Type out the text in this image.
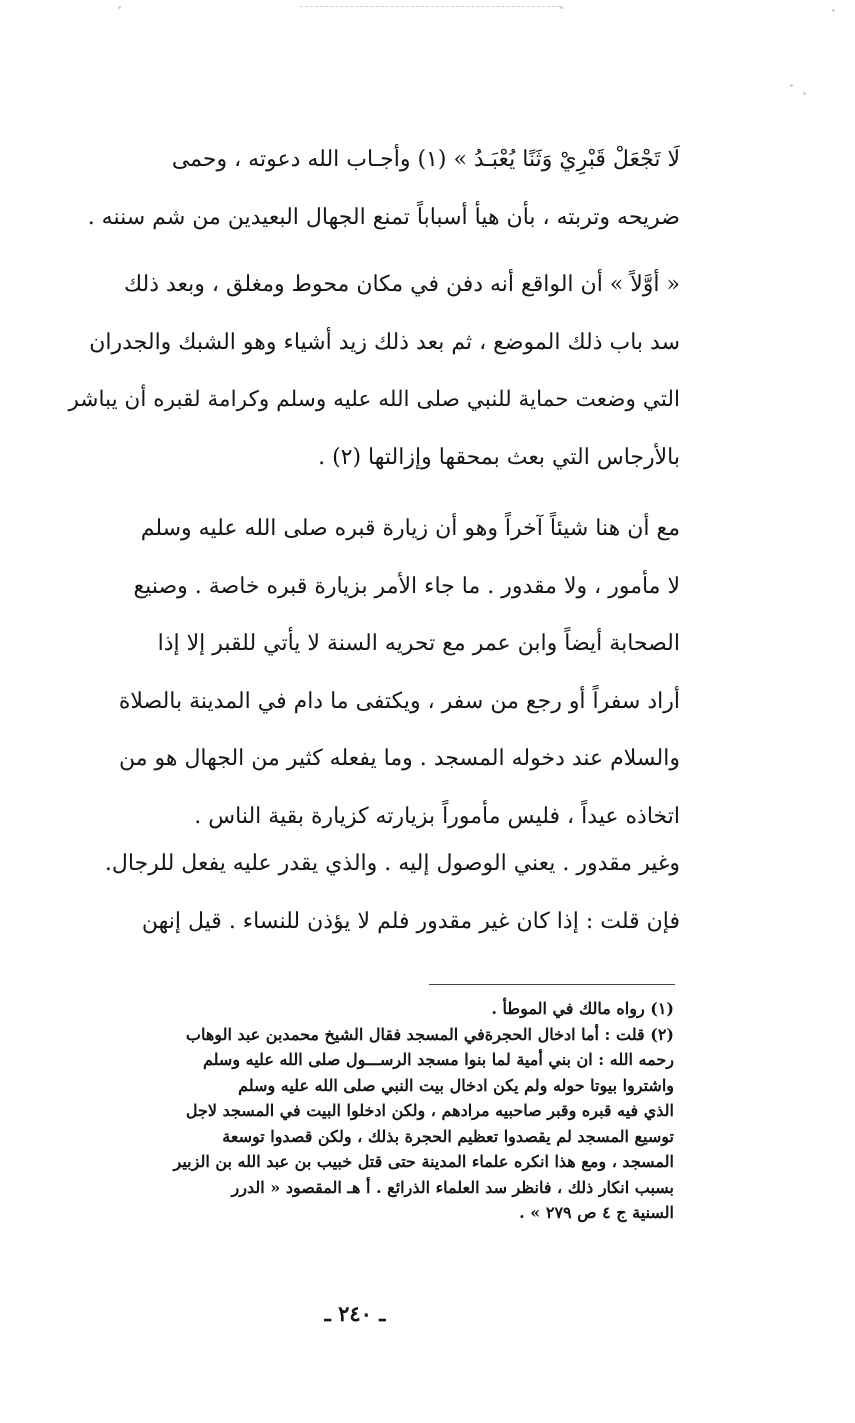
لَا تَجْعَلْ قَبْرِيْ وَثَنًا يُعْبَـدُ » (١) وأجـاب الله دعوته ، وحمى
ضريحه وتربته ، بأن هيأ أسباباً تمنع الجهال البعيدين من شم سننه .
« أوَّلاً » أن الواقع أنه دفن في مكان محوط ومغلق ، وبعد ذلك
سد باب ذلك الموضع ، ثم بعد ذلك زيد أشياء وهو الشبك والجدران
التي وضعت حماية للنبي صلى الله عليه وسلم وكرامة لقبره أن يباشر
بالأرجاس التي بعث بمحقها وإزالتها (٢) .
مع أن هنا شيئاً آخراً وهو أن زيارة قبره صلى الله عليه وسلم
لا مأمور ، ولا مقدور . ما جاء الأمر بزيارة قبره خاصة . وصنيع
الصحابة أيضاً وابن عمر مع تحريه السنة لا يأتي للقبر إلا إذا
أراد سفراً أو رجع من سفر ، ويكتفى ما دام في المدينة بالصلاة
والسلام عند دخوله المسجد . وما يفعله كثير من الجهال هو من
اتخاذه عيداً ، فليس مأموراً بزيارته كزيارة بقية الناس .
وغير مقدور . يعني الوصول إليه . والذي يقدر عليه يفعل للرجال.
فإن قلت : إذا كان غير مقدور فلم لا يؤذن للنساء . قيل إنهن
(١) رواه مالك في الموطأ .
(٢) قلت : أما ادخال الحجرةفي المسجد فقال الشيخ محمدبن عبد الوهاب
رحمه الله : ان بني أمية لما بنوا مسجد الرســـول صلى الله عليه وسلم
واشتروا بيوتا حوله ولم يكن ادخال بيت النبي صلى الله عليه وسلم
الذي فيه قبره وقبر صاحبيه مرادهم ، ولكن ادخلوا البيت في المسجد لاجل
توسيع المسجد لم يقصدوا تعظيم الحجرة بذلك ، ولكن قصدوا توسعة
المسجد ، ومع هذا انكره علماء المدينة حتى قتل خبيب بن عبد الله بن الزبير
بسبب انكار ذلك ، فانظر سد العلماء الذرائع . أ هـ المقصود « الدرر
السنية ج ٤ ص ٢٧٩ » .
ـ ٢٤٠ ـ
